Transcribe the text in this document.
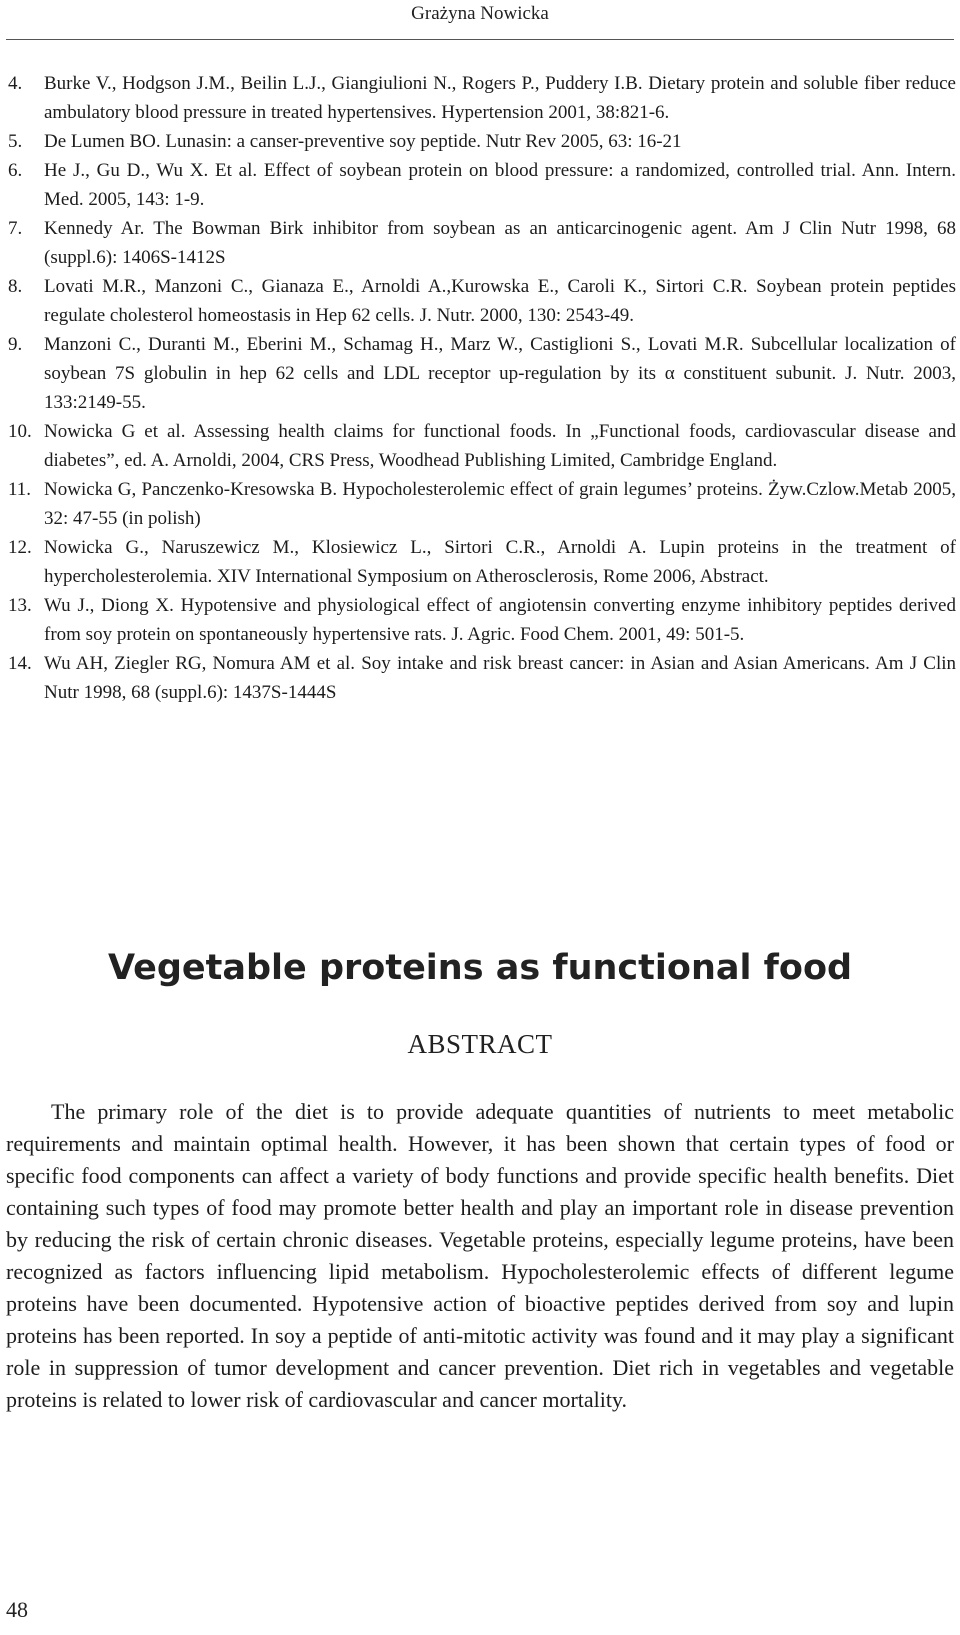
Grażyna Nowicka
4.	Burke V., Hodgson J.M., Beilin L.J., Giangiulioni N., Rogers P., Puddery I.B. Dietary protein and soluble fiber reduce ambulatory blood pressure in treated hypertensives. Hypertension 2001, 38:821-6.
5.	De Lumen BO. Lunasin: a canser-preventive soy peptide. Nutr Rev 2005, 63: 16-21
6.	He J., Gu D., Wu X. Et al. Effect of soybean protein on blood pressure: a randomized, controlled trial. Ann. Intern. Med. 2005, 143: 1-9.
7.	Kennedy Ar. The Bowman Birk inhibitor from soybean as an anticarcinogenic agent. Am J Clin Nutr 1998, 68 (suppl.6): 1406S-1412S
8.	Lovati M.R., Manzoni C., Gianaza E., Arnoldi A.,Kurowska E., Caroli K., Sirtori C.R. Soybean protein peptides regulate cholesterol homeostasis in Hep 62 cells. J. Nutr. 2000, 130: 2543-49.
9.	Manzoni C., Duranti M., Eberini M., Schamag H., Marz W., Castiglioni S., Lovati M.R. Subcellular localization of soybean 7S globulin in hep 62 cells and LDL receptor up-regulation by its α constituent subunit. J. Nutr. 2003, 133:2149-55.
10. Nowicka G et al. Assessing health claims for functional foods. In „Functional foods, cardiovascular disease and diabetes”, ed. A. Arnoldi, 2004, CRS Press, Woodhead Publishing Limited, Cambridge England.
11. Nowicka G, Panczenko-Kresowska B. Hypocholesterolemic effect of grain legumes’ proteins. Żyw.Czlow.Metab 2005, 32: 47-55 (in polish)
12. Nowicka G., Naruszewicz M., Klosiewicz L., Sirtori C.R., Arnoldi A. Lupin proteins in the treatment of hypercholesterolemia. XIV International Symposium on Atherosclerosis, Rome 2006, Abstract.
13. Wu J., Diong X. Hypotensive and physiological effect of angiotensin converting enzyme inhibitory peptides derived from soy protein on spontaneously hypertensive rats. J. Agric. Food Chem. 2001, 49: 501-5.
14. Wu AH, Ziegler RG, Nomura AM et al. Soy intake and risk breast cancer: in Asian and Asian Americans. Am J Clin Nutr 1998, 68 (suppl.6): 1437S-1444S
Vegetable proteins as functional food
ABSTRACT

The primary role of the diet is to provide adequate quantities of nutrients to meet metabolic requirements and maintain optimal health. However, it has been shown that certain types of food or specific food components can affect a variety of body functions and provide specific health benefits. Diet containing such types of food may promote better health and play an important role in disease prevention by reducing the risk of certain chronic diseases. Vegetable proteins, especially legume proteins, have been recognized as factors influencing lipid metabolism. Hypocholesterolemic effects of different legume proteins have been documented. Hypotensive action of bioactive peptides derived from soy and lupin proteins has been reported. In soy a peptide of anti-mitotic activity was found and it may play a significant role in suppression of tumor development and cancer prevention. Diet rich in vegetables and vegetable proteins is related to lower risk of cardiovascular and cancer mortality.

48
